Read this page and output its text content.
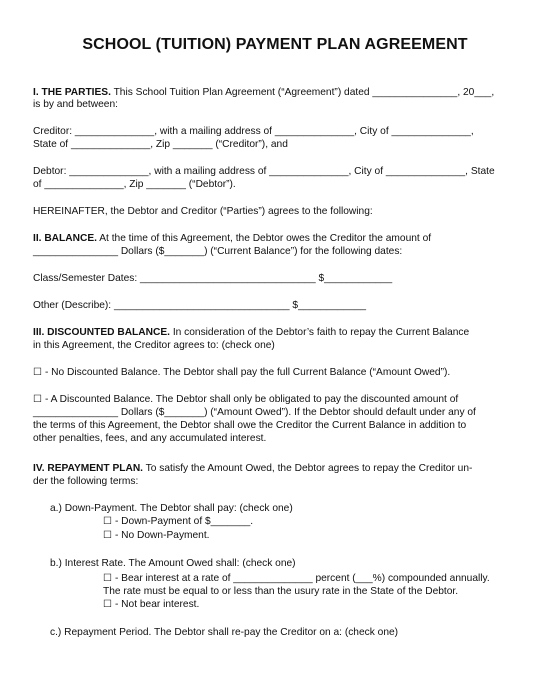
SCHOOL (TUITION) PAYMENT PLAN AGREEMENT
I. THE PARTIES. This School Tuition Plan Agreement (“Agreement”) dated _______________, 20___,
is by and between:
Creditor: ______________, with a mailing address of ______________, City of ______________,
State of ______________, Zip _______ (“Creditor”), and
Debtor: ______________, with a mailing address of ______________, City of ______________, State
of ______________, Zip _______ (“Debtor”).
HEREINAFTER, the Debtor and Creditor (“Parties”) agrees to the following:
II. BALANCE. At the time of this Agreement, the Debtor owes the Creditor the amount of
_______________ Dollars ($_______) (“Current Balance”) for the following dates:
Class/Semester Dates: _______________________________ $____________
Other (Describe): _______________________________ $____________
III. DISCOUNTED BALANCE. In consideration of the Debtor’s faith to repay the Current Balance
in this Agreement, the Creditor agrees to: (check one)
☐ - No Discounted Balance. The Debtor shall pay the full Current Balance (“Amount Owed”).
☐ - A Discounted Balance. The Debtor shall only be obligated to pay the discounted amount of
_______________ Dollars ($_______) (“Amount Owed”). If the Debtor should default under any of
the terms of this Agreement, the Debtor shall owe the Creditor the Current Balance in addition to
other penalties, fees, and any accumulated interest.
IV. REPAYMENT PLAN. To satisfy the Amount Owed, the Debtor agrees to repay the Creditor un-
der the following terms:
a.) Down-Payment. The Debtor shall pay: (check one)
☐ - Down-Payment of $_______.
☐ - No Down-Payment.
b.) Interest Rate. The Amount Owed shall: (check one)
☐ - Bear interest at a rate of ______________ percent (___%) compounded annually.
The rate must be equal to or less than the usury rate in the State of the Debtor.
☐ - Not bear interest.
c.) Repayment Period. The Debtor shall re-pay the Creditor on a: (check one)
